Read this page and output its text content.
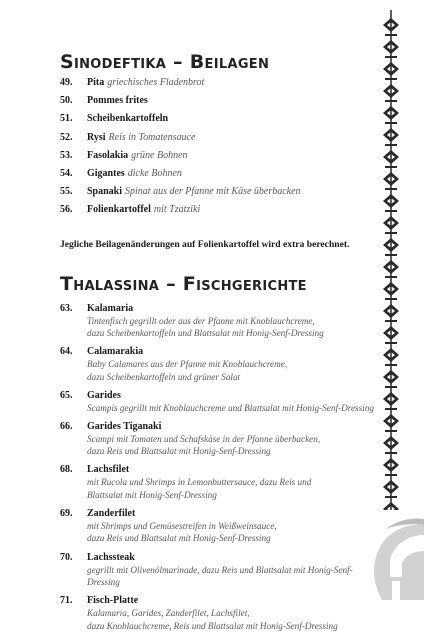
Sinodeftika – Beilagen
49.	Pita griechisches Fladenbrot
50.	Pommes frites
51.	Scheibenkartoffeln
52.	Rysi Reis in Tomatensauce
53.	Fasolakia grüne Bohnen
54.	Gigantes dicke Bohnen
55.	Spanaki Spinat aus der Pfanne mit Käse überbacken
56.	Folienkartoffel mit Tzatziki
Jegliche Beilagenänderungen auf Folienkartoffel wird extra berechnet.
Thalassina – Fischgerichte
63.	Kalamaria
Tintenfisch gegrillt oder aus der Pfanne mit Knoblauchcreme,
dazu Scheibenkartoffeln und Blattsalat mit Honig-Senf-Dressing
64.	Calamarakia
Baby Calamares aus der Pfanne mit Knoblauchcreme,
dazu Scheibenkartoffeln und grüner Salat
65.	Garides
Scampis gegrillt mit Knoblauchcreme und Blattsalat mit Honig-Senf-Dressing
66.	Garides Tiganaki
Scampi mit Tomaten und Schafskäse in der Pfanne überbacken,
dazu Reis und Blattsalat mit Honig-Senf-Dressing
68.	Lachsfilet
mit Rucola und Shrimps in Lemonbuttersauce, dazu Reis und
Blattsalat mit Honig-Senf-Dressing
69.	Zanderfilet
mit Shrimps und Gemüsestreifen in Weißweinsauce,
dazu Reis und Blattsalat mit Honig-Senf-Dressing
70.	Lachssteak
gegrillt mit Olivenölmarinade, dazu Reis und Blattsalat mit Honig-Senf-Dressing
71.	Fisch-Platte
Kalamaria, Garides, Zanderfilet, Lachsfilet,
dazu Knoblauchcreme, Reis und Blattsalat mit Honig-Senf-Dressing
